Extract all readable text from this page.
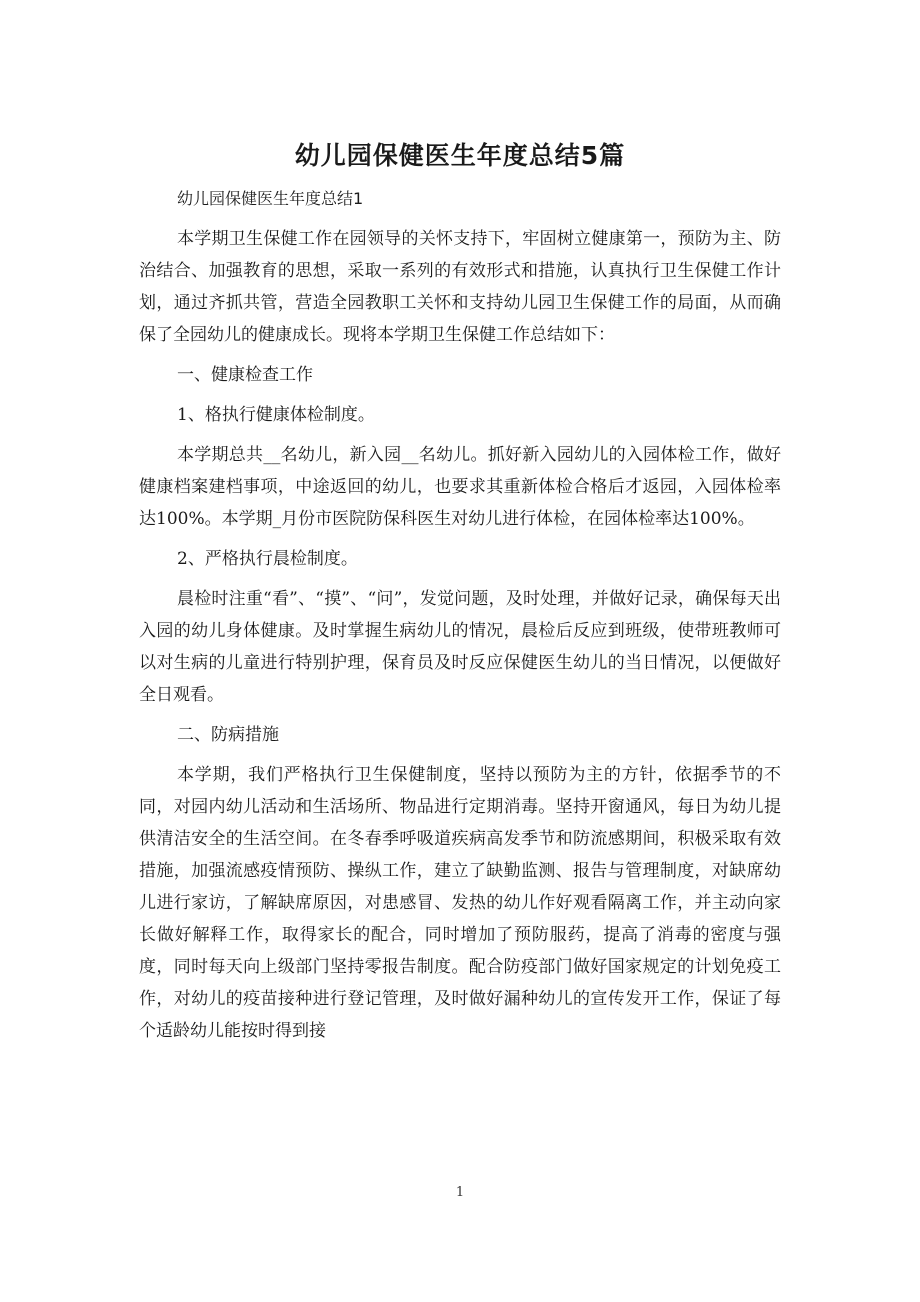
幼儿园保健医生年度总结5篇
幼儿园保健医生年度总结1

本学期卫生保健工作在园领导的关怀支持下，牢固树立健康第一，预防为主、防治结合、加强教育的思想，采取一系列的有效形式和措施，认真执行卫生保健工作计划，通过齐抓共管，营造全园教职工关怀和支持幼儿园卫生保健工作的局面，从而确保了全园幼儿的健康成长。现将本学期卫生保健工作总结如下：

一、健康检查工作

1、格执行健康体检制度。

本学期总共__名幼儿，新入园__名幼儿。抓好新入园幼儿的入园体检工作，做好健康档案建档事项，中途返回的幼儿，也要求其重新体检合格后才返园，入园体检率达100%。本学期_月份市医院防保科医生对幼儿进行体检，在园体检率达100%。

2、严格执行晨检制度。

晨检时注重“看”、“摸”、“问”，发觉问题，及时处理，并做好记录，确保每天出入园的幼儿身体健康。及时掌握生病幼儿的情况，晨检后反应到班级，使带班教师可以对生病的儿童进行特别护理，保育员及时反应保健医生幼儿的当日情况，以便做好全日观看。

二、防病措施

本学期，我们严格执行卫生保健制度，坚持以预防为主的方针，依据季节的不同，对园内幼儿活动和生活场所、物品进行定期消毒。坚持开窗通风，每日为幼儿提供清洁安全的生活空间。在冬春季呼吸道疾病高发季节和防流感期间，积极采取有效措施，加强流感疫情预防、操纵工作，建立了缺勤监测、报告与管理制度，对缺席幼儿进行家访，了解缺席原因，对患感冒、发热的幼儿作好观看隔离工作，并主动向家长做好解释工作，取得家长的配合，同时增加了预防服药，提高了消毒的密度与强度，同时每天向上级部门坚持零报告制度。配合防疫部门做好国家规定的计划免疫工作，对幼儿的疫苗接种进行登记管理，及时做好漏种幼儿的宣传发开工作，保证了每个适龄幼儿能按时得到接

1
